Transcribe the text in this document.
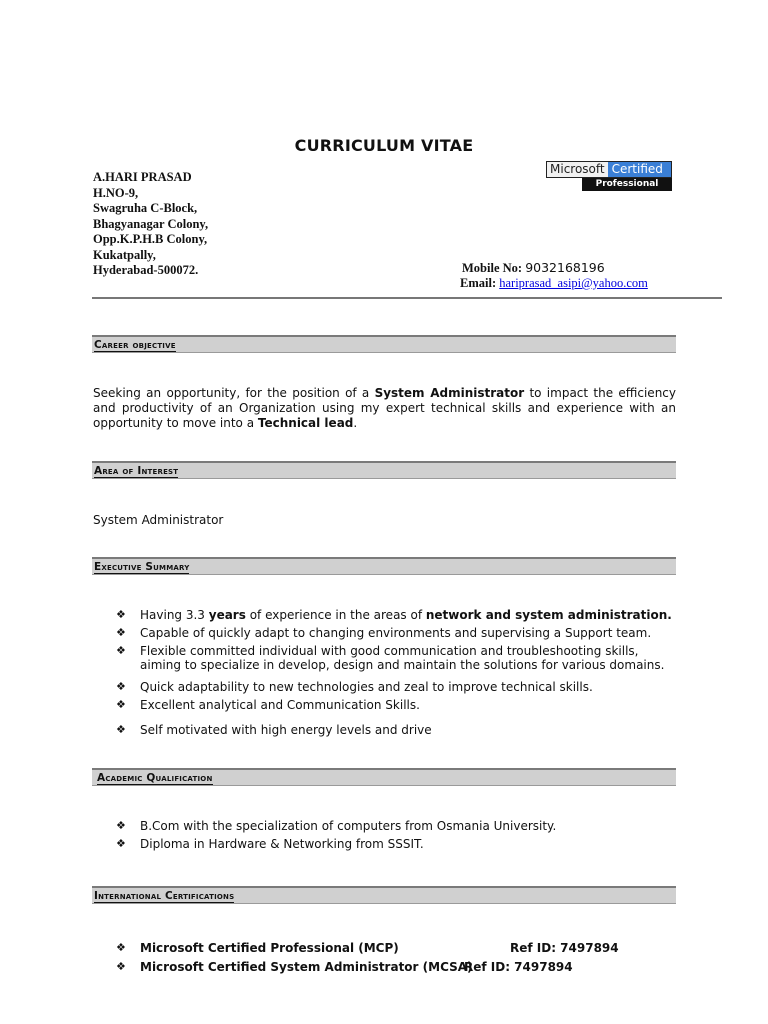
CURRICULUM VITAE
A.HARI PRASAD
H.NO-9,
Swagruha C-Block,
Bhagyanagar Colony,
Opp.K.P.H.B Colony,
Kukatpally,
Hyderabad-500072.
Microsoft Certified
Professional
Mobile No: 9032168196
Email: hariprasad_asipi@yahoo.com
Career objective
Seeking an opportunity, for the position of a System Administrator to impact the efficiency and productivity of an Organization using my expert technical skills and experience with an opportunity to move into a Technical lead.
Area of Interest
System Administrator
Executive Summary
❖ Having 3.3 years of experience in the areas of network and system administration.
❖ Capable of quickly adapt to changing environments and supervising a Support team.
❖ Flexible committed individual with good communication and troubleshooting skills,
aiming to specialize in develop, design and maintain the solutions for various domains.
❖ Quick adaptability to new technologies and zeal to improve technical skills.
❖ Excellent analytical and Communication Skills.
❖ Self motivated with high energy levels and drive
Academic Qualification
❖ B.Com with the specialization of computers from Osmania University.
❖ Diploma in Hardware & Networking from SSSIT.
International Certifications
❖ Microsoft Certified Professional (MCP)	Ref ID: 7497894
❖ Microsoft Certified System Administrator (MCSA)
Ref ID: 7497894
